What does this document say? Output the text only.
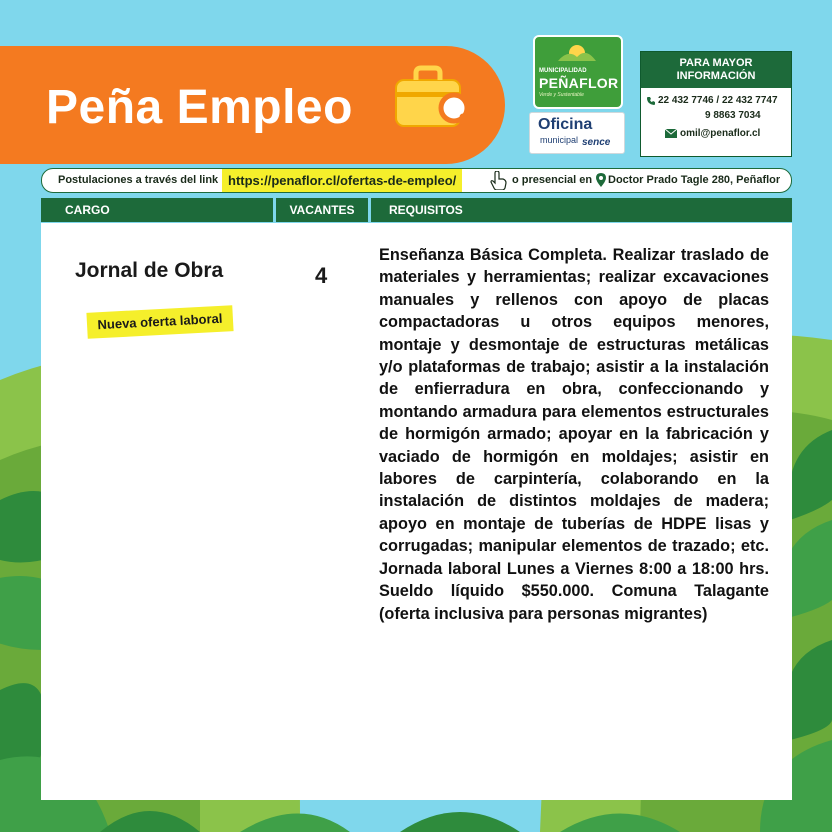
Peña Empleo
MUNICIPALIDAD
PEÑAFLOR
Verde y Sustentable
Oficina
municipal sence
PARA MAYOR
INFORMACIÓN
22 432 7746 / 22 432 7747
9 8863 7034
omil@penaflor.cl
Postulaciones a través del link https://penaflor.cl/ofertas-de-empleo/	o presencial en Doctor Prado Tagle 280, Peñaflor
CARGO	VACANTES	REQUISITOS
Jornal de Obra	4
Nueva oferta laboral
Enseñanza Básica Completa. Realizar traslado de materiales y herramientas; realizar excavaciones manuales y rellenos con apoyo de placas compactadoras u otros equipos menores, montaje y desmontaje de estructuras metálicas y/o plataformas de trabajo; asistir a la instalación de enfierradura en obra, confeccionando y montando armadura para elementos estructurales de hormigón armado; apoyar en la fabricación y vaciado de hormigón en moldajes; asistir en labores de carpintería, colaborando en la instalación de distintos moldajes de madera; apoyo en montaje de tuberías de HDPE lisas y corrugadas; manipular elementos de trazado; etc. Jornada laboral Lunes a Viernes 8:00 a 18:00 hrs. Sueldo líquido $550.000. Comuna Talagante (oferta inclusiva para personas migrantes)
